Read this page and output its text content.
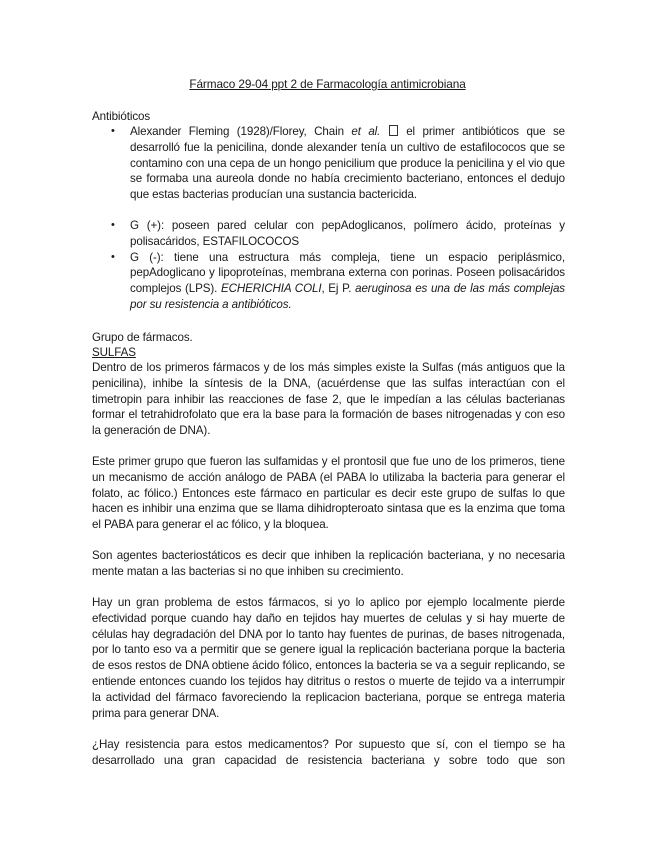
Fármaco 29-04 ppt 2 de Farmacología antimicrobiana
Antibióticos
• Alexander Fleming (1928)/Florey, Chain et al.  el primer antibióticos que se desarrolló fue la penicilina, donde alexander tenía un cultivo de estafilococos que se contamino con una cepa de un hongo penicilium que produce la penicilina y el vio que se formaba una aureola donde no había crecimiento bacteriano, entonces el dedujo que estas bacterias producían una sustancia bactericida.
• G (+): poseen pared celular con pepAdoglicanos, polímero ácido, proteínas y polisacáridos, ESTAFILOCOCOS
• G (-): tiene una estructura más compleja, tiene un espacio periplásmico, pepAdoglicano y lipoproteínas, membrana externa con porinas. Poseen polisacáridos complejos (LPS). ECHERICHIA COLI, Ej P. aeruginosa es una de las más complejas por su resistencia a antibióticos.
Grupo de fármacos.
SULFAS

Dentro de los primeros fármacos y de los más simples existe la Sulfas (más antiguos que la penicilina), inhibe la síntesis de la DNA, (acuérdense que las sulfas interactúan con el timetropin para inhibir las reacciones de fase 2, que le impedían a las células bacterianas formar el tetrahidrofolato que era la base para la formación de bases nitrogenadas y con eso la generación de DNA).

Este primer grupo que fueron las sulfamidas y el prontosil que fue uno de los primeros, tiene un mecanismo de acción análogo de PABA (el PABA lo utilizaba la bacteria para generar el folato, ac fólico.) Entonces este fármaco en particular es decir este grupo de sulfas lo que hacen es inhibir una enzima que se llama dihidropteroato sintasa que es la enzima que toma el PABA para generar el ac fólico, y la bloquea.

Son agentes bacteriostáticos es decir que inhiben la replicación bacteriana, y no necesaria mente matan a las bacterias si no que inhiben su crecimiento.

Hay un gran problema de estos fármacos, si yo lo aplico por ejemplo localmente pierde efectividad porque cuando hay daño en tejidos hay muertes de celulas y si hay muerte de células hay degradación del DNA por lo tanto hay fuentes de purinas, de bases nitrogenada, por lo tanto eso va a permitir que se genere igual la replicación bacteriana porque la bacteria de esos restos de DNA obtiene ácido fólico, entonces la bacteria se va a seguir replicando, se entiende entonces cuando los tejidos hay ditritus o restos o muerte de tejido va a interrumpir la actividad del fármaco favoreciendo la replicacion bacteriana, porque se entrega materia prima para generar DNA.

¿Hay resistencia para estos medicamentos? Por supuesto que sí, con el tiempo se ha desarrollado una gran capacidad de resistencia bacteriana y sobre todo que son
